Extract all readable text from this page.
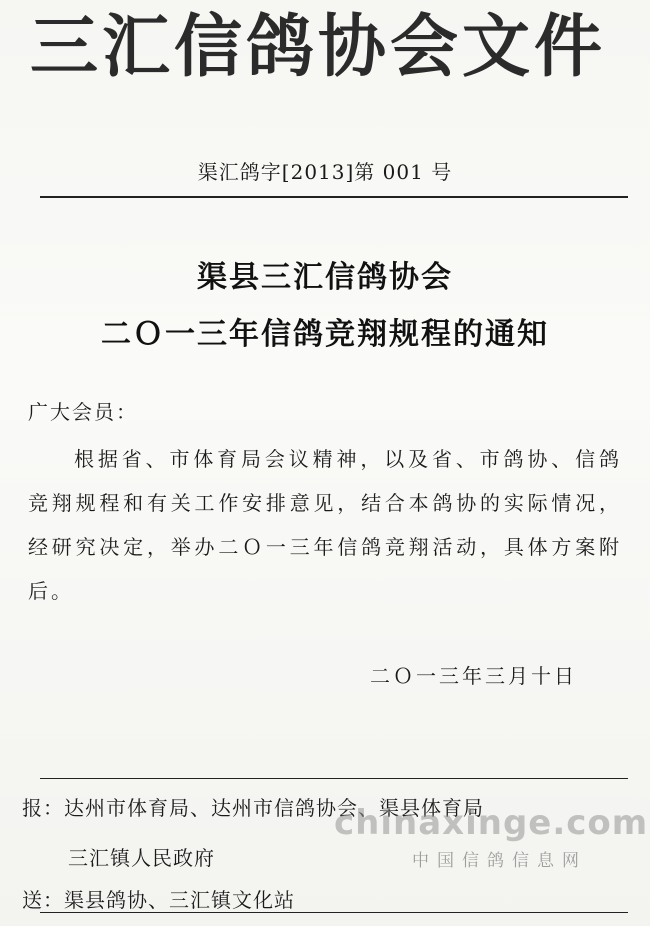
三汇信鸽协会文件
渠汇鸽字[2013]第 001 号
渠县三汇信鸽协会
二Ｏ一三年信鸽竞翔规程的通知
广大会员：
根据省、市体育局会议精神，以及省、市鸽协、信鸽竞翔规程和有关工作安排意见，结合本鸽协的实际情况，经研究决定，举办二Ｏ一三年信鸽竞翔活动，具体方案附后。
二Ｏ一三年三月十日
报：达州市体育局、达州市信鸽协会、渠县体育局
三汇镇人民政府
送：渠县鸽协、三汇镇文化站
chinaxinge.com
中国信鸽信息网
